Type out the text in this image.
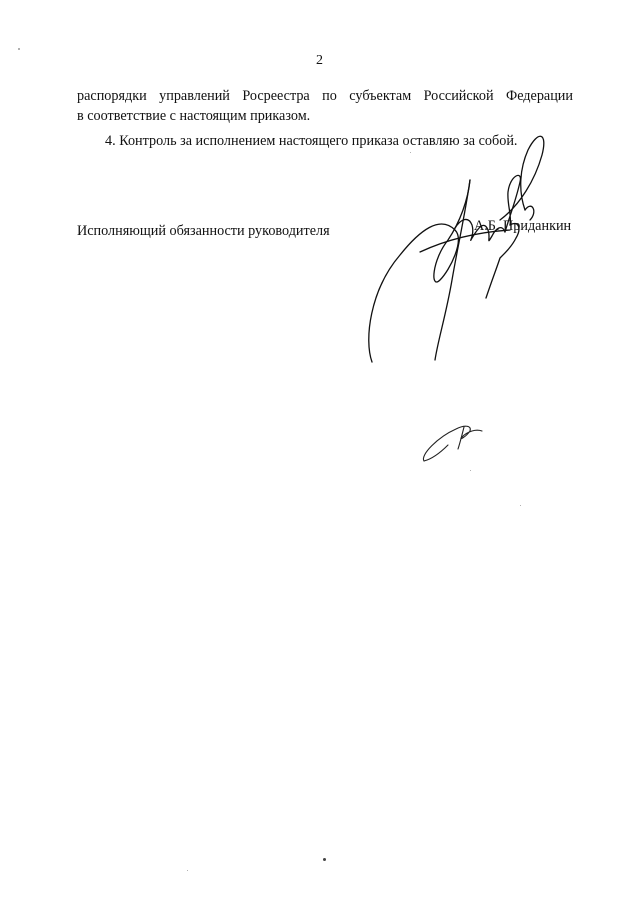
2
распорядки управлений Росреестра по субъектам Российской Федерации
в соответствие с настоящим приказом.
4. Контроль за исполнением настоящего приказа оставляю за собой.
Исполняющий обязанности руководителя	А.Б. Приданкин
